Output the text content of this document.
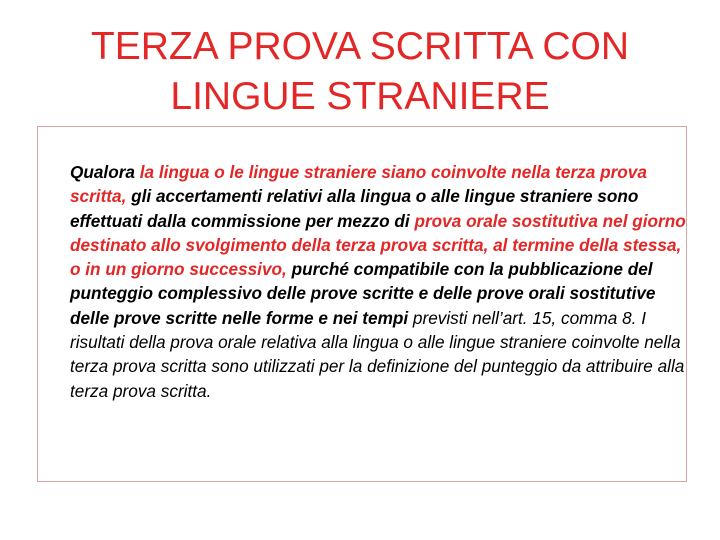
TERZA PROVA SCRITTA CON
LINGUE STRANIERE
Qualora la lingua o le lingue straniere siano coinvolte nella terza prova scritta, gli accertamenti relativi alla lingua o alle lingue straniere sono effettuati dalla commissione per mezzo di prova orale sostitutiva nel giorno destinato allo svolgimento della terza prova scritta, al termine della stessa, o in un giorno successivo, purché compatibile con la pubblicazione del punteggio complessivo delle prove scritte e delle prove orali sostitutive delle prove scritte nelle forme e nei tempi previsti nell’art. 15, comma 8. I risultati della prova orale relativa alla lingua o alle lingue straniere coinvolte nella terza prova scritta sono utilizzati per la definizione del punteggio da attribuire alla terza prova scritta.
